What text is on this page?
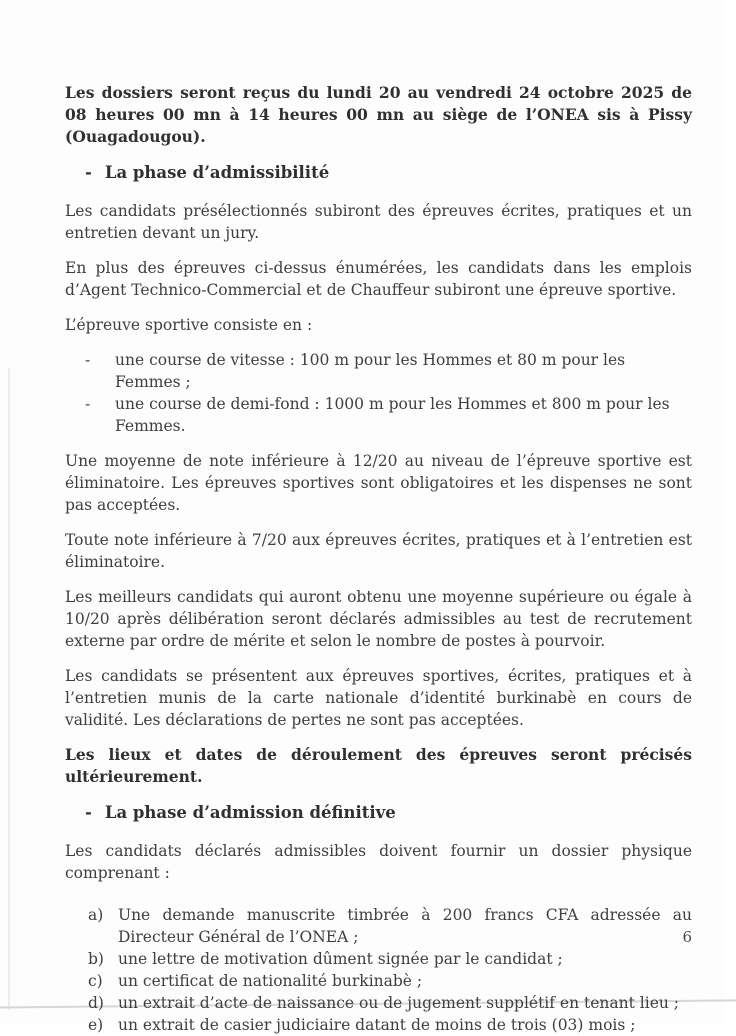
Les dossiers seront reçus du lundi 20 au vendredi 24 octobre 2025 de 08 heures 00 mn à 14 heures 00 mn au siège de l’ONEA sis à Pissy (Ouagadougou).

- La phase d’admissibilité

Les candidats présélectionnés subiront des épreuves écrites, pratiques et un entretien devant un jury.

En plus des épreuves ci-dessus énumérées, les candidats dans les emplois d’Agent Technico-Commercial et de Chauffeur subiront une épreuve sportive.

L’épreuve sportive consiste en :

-	une course de vitesse : 100 m pour les Hommes et 80 m pour les Femmes ;
-	une course de demi-fond : 1000 m pour les Hommes et 800 m pour les Femmes.

Une moyenne de note inférieure à 12/20 au niveau de l’épreuve sportive est éliminatoire. Les épreuves sportives sont obligatoires et les dispenses ne sont pas acceptées.

Toute note inférieure à 7/20 aux épreuves écrites, pratiques et à l’entretien est éliminatoire.

Les meilleurs candidats qui auront obtenu une moyenne supérieure ou égale à 10/20 après délibération seront déclarés admissibles au test de recrutement externe par ordre de mérite et selon le nombre de postes à pourvoir.

Les candidats se présentent aux épreuves sportives, écrites, pratiques et à l’entretien munis de la carte nationale d’identité burkinabè en cours de validité. Les déclarations de pertes ne sont pas acceptées.

Les lieux et dates de déroulement des épreuves seront précisés ultérieurement.

- La phase d’admission définitive

Les candidats déclarés admissibles doivent fournir un dossier physique comprenant :

a) Une demande manuscrite timbrée à 200 francs CFA adressée au Directeur Général de l’ONEA ;
b) une lettre de motivation dûment signée par le candidat ;
c) un certificat de nationalité burkinabè ;
d) un extrait d’acte de naissance ou de jugement supplétif en tenant lieu ;
e) un extrait de casier judiciaire datant de moins de trois (03) mois ;
6
